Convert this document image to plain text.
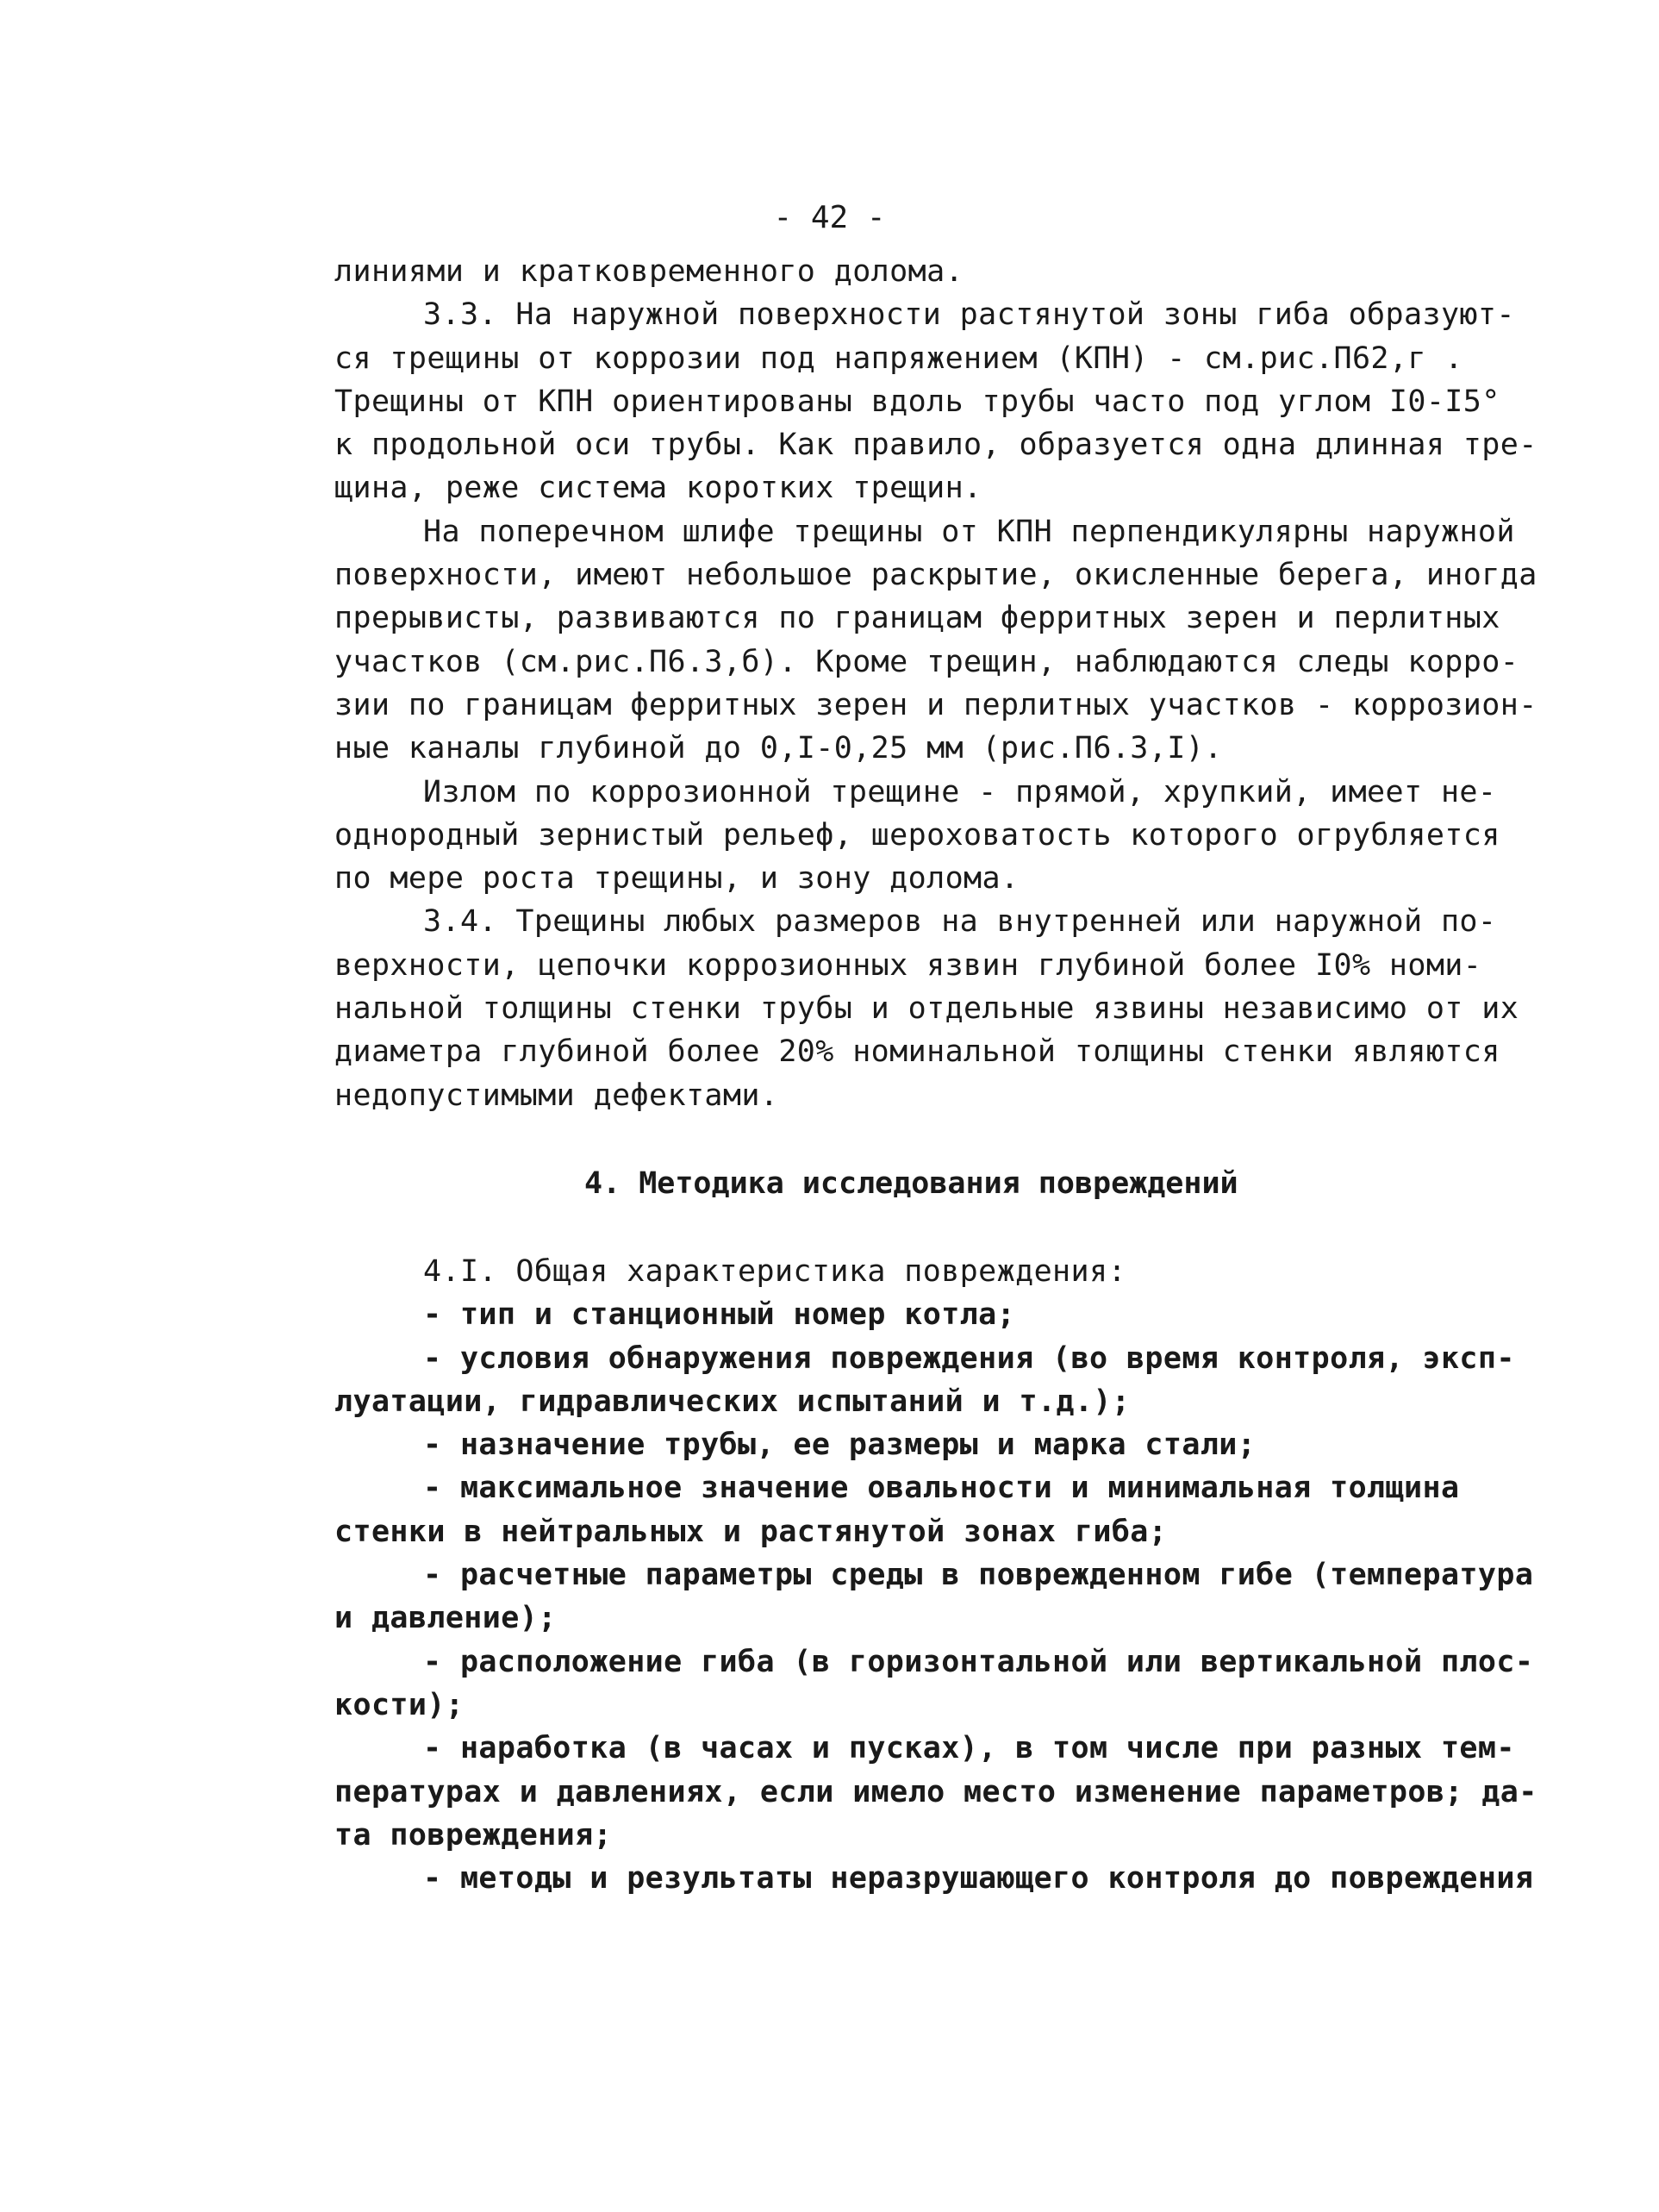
- 42 -
линиями и кратковременного долома.
3.3. На наружной поверхности растянутой зоны гиба образуют-
ся трещины от коррозии под напряжением (КПН) - см.рис.П62,г .
Трещины от КПН ориентированы вдоль трубы часто под углом I0-I5°
к продольной оси трубы. Как правило, образуется одна длинная тре-
щина, реже система коротких трещин.
На поперечном шлифе трещины от КПН перпендикулярны наружной
поверхности, имеют небольшое раскрытие, окисленные берега, иногда
прерывисты, развиваются по границам ферритных зерен и перлитных
участков (см.рис.П6.3,б). Кроме трещин, наблюдаются следы корро-
зии по границам ферритных зерен и перлитных участков - коррозион-
ные каналы глубиной до 0,I-0,25 мм (рис.П6.3,I).
Излом по коррозионной трещине - прямой, хрупкий, имеет не-
однородный зернистый рельеф, шероховатость которого огрубляется
по мере роста трещины, и зону долома.
3.4. Трещины любых размеров на внутренней или наружной по-
верхности, цепочки коррозионных язвин глубиной более I0% номи-
нальной толщины стенки трубы и отдельные язвины независимо от их
диаметра глубиной более 20% номинальной толщины стенки являются
недопустимыми дефектами.
4. Методика исследования повреждений
4.I. Общая характеристика повреждения:
- тип и станционный номер котла;
- условия обнаружения повреждения (во время контроля, эксп-
луатации, гидравлических испытаний и т.д.);
- назначение трубы, ее размеры и марка стали;
- максимальное значение овальности и минимальная толщина
стенки в нейтральных и растянутой зонах гиба;
- расчетные параметры среды в поврежденном гибе (температура
и давление);
- расположение гиба (в горизонтальной или вертикальной плос-
кости);
- наработка (в часах и пусках), в том числе при разных тем-
пературах и давлениях, если имело место изменение параметров; да-
та повреждения;
- методы и результаты неразрушающего контроля до повреждения
